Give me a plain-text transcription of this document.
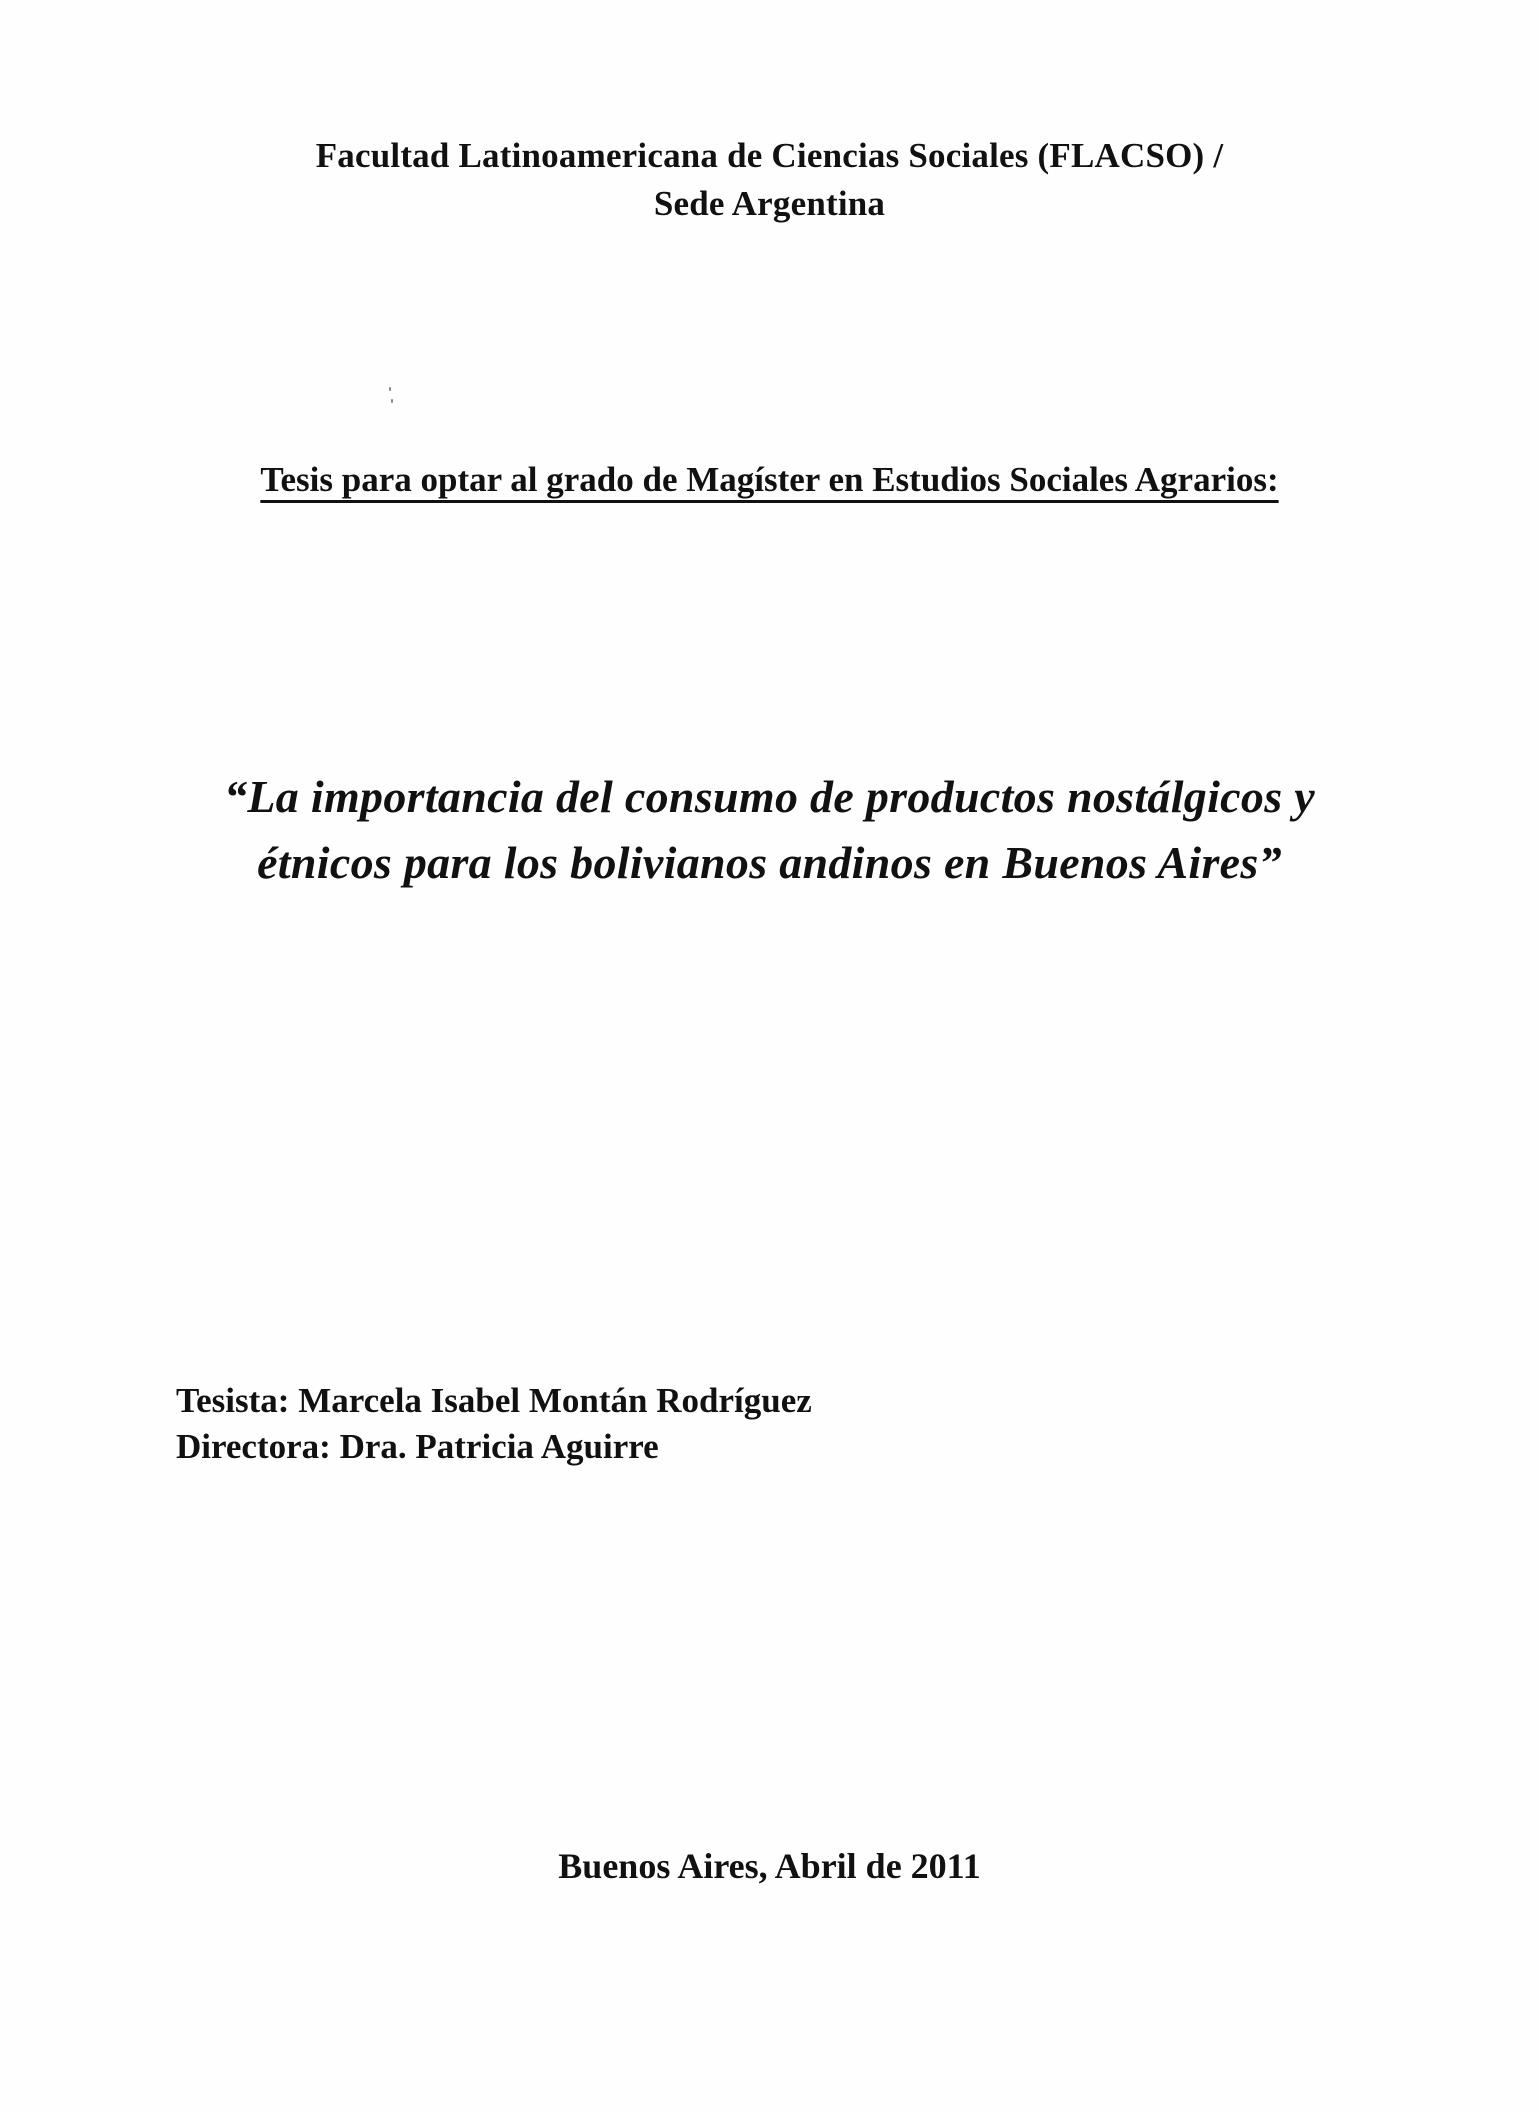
Facultad Latinoamericana de Ciencias Sociales (FLACSO) /
Sede Argentina
Tesis para optar al grado de Magíster en Estudios Sociales Agrarios:
“La importancia del consumo de productos nostálgicos y
étnicos para los bolivianos andinos en Buenos Aires”
Tesista: Marcela Isabel Montán Rodríguez
Directora: Dra. Patricia Aguirre
Buenos Aires, Abril de 2011
